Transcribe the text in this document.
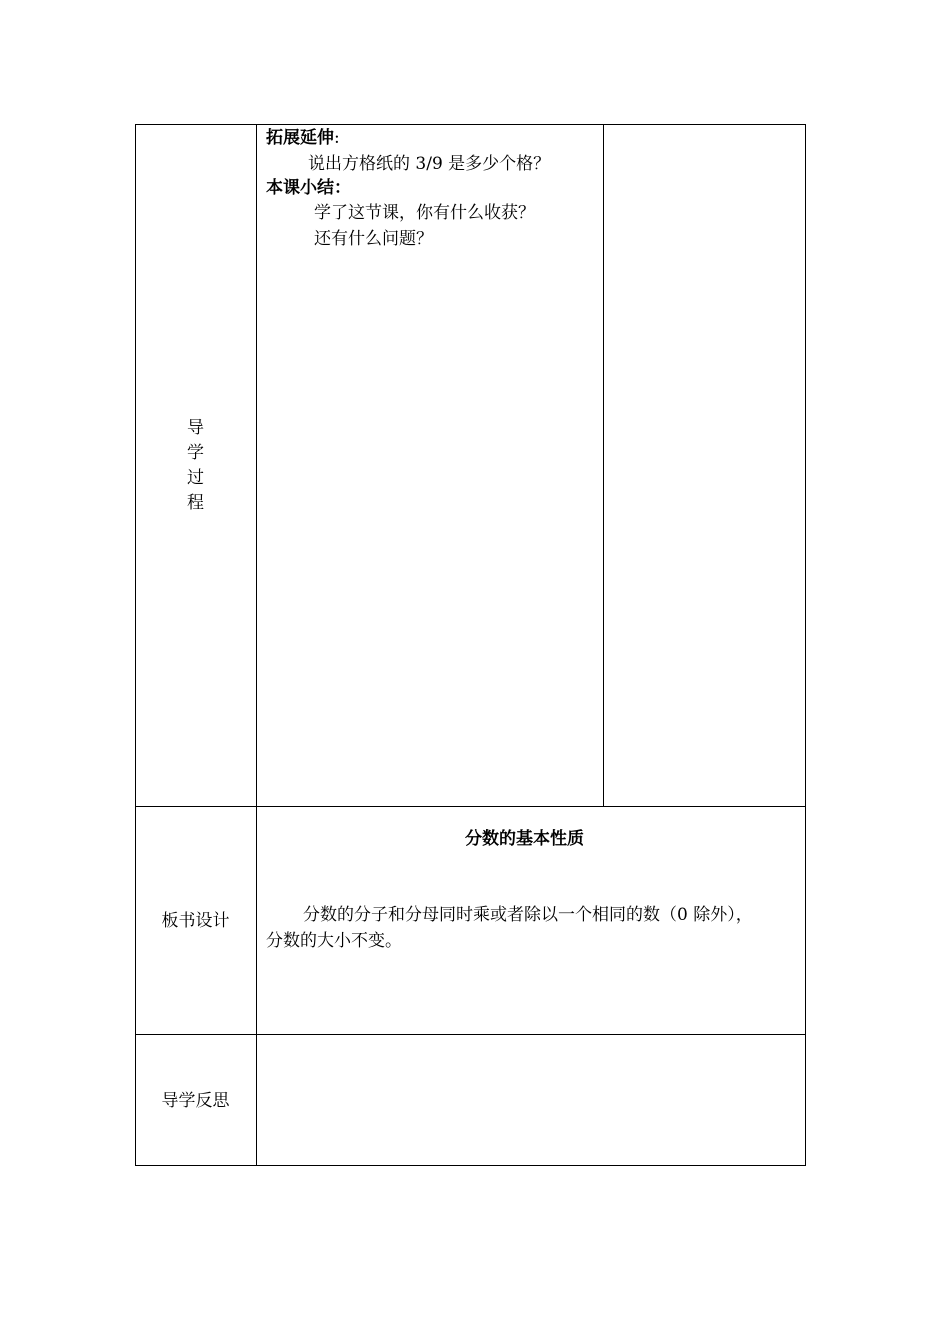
导
学
过
程
拓展延伸:
说出方格纸的 3/9 是多少个格？
本课小结：
学了这节课，你有什么收获？
还有什么问题？
板书设计
分数的基本性质
分数的分子和分母同时乘或者除以一个相同的数（0 除外），
分数的大小不变。
导学反思
